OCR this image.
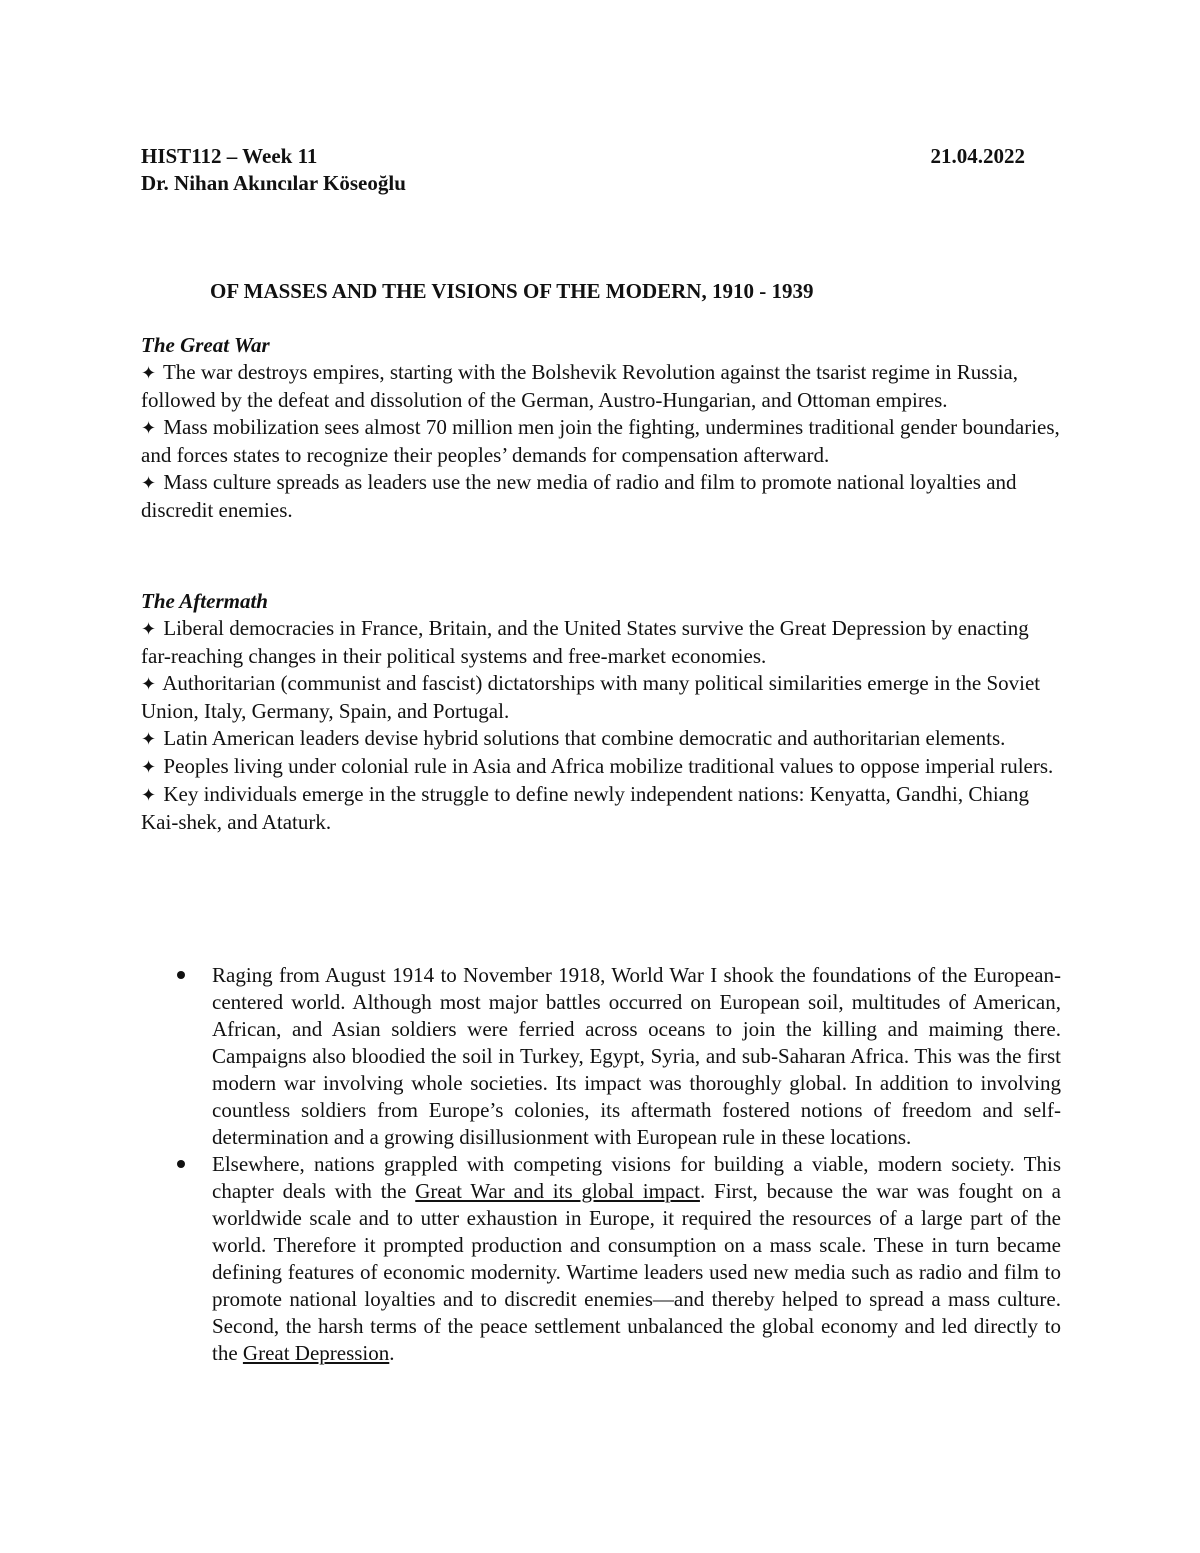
HIST112 – Week 11	21.04.2022
Dr. Nihan Akıncılar Köseoğlu
OF MASSES AND THE VISIONS OF THE MODERN, 1910 - 1939

The Great War

✦ The war destroys empires, starting with the Bolshevik Revolution against the tsarist regime in Russia, followed by the defeat and dissolution of the German, Austro-Hungarian, and Ottoman empires.

✦ Mass mobilization sees almost 70 million men join the fighting, undermines traditional gender boundaries, and forces states to recognize their peoples’ demands for compensation afterward.

✦ Mass culture spreads as leaders use the new media of radio and film to promote national loyalties and discredit enemies.

The Aftermath

✦ Liberal democracies in France, Britain, and the United States survive the Great Depression by enacting far-reaching changes in their political systems and free-market economies.

✦ Authoritarian (communist and fascist) dictatorships with many political similarities emerge in the Soviet Union, Italy, Germany, Spain, and Portugal.

✦ Latin American leaders devise hybrid solutions that combine democratic and authoritarian elements.

✦ Peoples living under colonial rule in Asia and Africa mobilize traditional values to oppose imperial rulers.

✦ Key individuals emerge in the struggle to define newly independent nations: Kenyatta, Gandhi, Chiang Kai-shek, and Ataturk.

Raging from August 1914 to November 1918, World War I shook the foundations of the European-centered world. Although most major battles occurred on European soil, multitudes of American, African, and Asian soldiers were ferried across oceans to join the killing and maiming there. Campaigns also bloodied the soil in Turkey, Egypt, Syria, and sub-Saharan Africa. This was the first modern war involving whole societies. Its impact was thoroughly global. In addition to involving countless soldiers from Europe’s colonies, its aftermath fostered notions of freedom and self-determination and a growing disillusionment with European rule in these locations.

Elsewhere, nations grappled with competing visions for building a viable, modern society. This chapter deals with the Great War and its global impact. First, because the war was fought on a worldwide scale and to utter exhaustion in Europe, it required the resources of a large part of the world. Therefore it prompted production and consumption on a mass scale. These in turn became defining features of economic modernity. Wartime leaders used new media such as radio and film to promote national loyalties and to discredit enemies—and thereby helped to spread a mass culture. Second, the harsh terms of the peace settlement unbalanced the global economy and led directly to the Great Depression.
